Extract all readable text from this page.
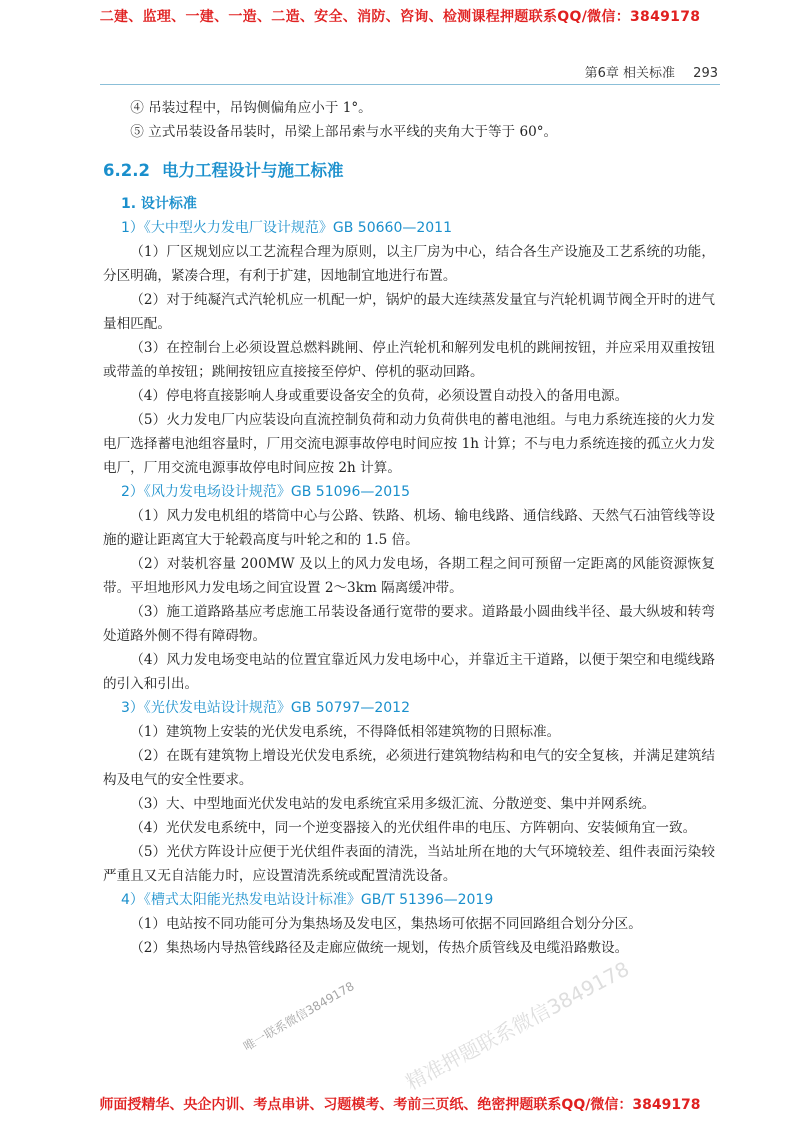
二建、监理、一建、一造、二造、安全、消防、咨询、检测课程押题联系QQ/微信：3849178
第6章 相关标准 293

④ 吊装过程中，吊钩侧偏角应小于 1°。

⑤ 立式吊装设备吊装时，吊梁上部吊索与水平线的夹角大于等于 60°。

6.2.2 电力工程设计与施工标准
1. 设计标准
1）《大中型火力发电厂设计规范》GB 50660—2011

（1）厂区规划应以工艺流程合理为原则，以主厂房为中心，结合各生产设施及工艺系统的功能，分区明确，紧凑合理，有利于扩建，因地制宜地进行布置。

（2）对于纯凝汽式汽轮机应一机配一炉，锅炉的最大连续蒸发量宜与汽轮机调节阀全开时的进气量相匹配。

（3）在控制台上必须设置总燃料跳闸、停止汽轮机和解列发电机的跳闸按钮，并应采用双重按钮或带盖的单按钮；跳闸按钮应直接接至停炉、停机的驱动回路。

（4）停电将直接影响人身或重要设备安全的负荷，必须设置自动投入的备用电源。

（5）火力发电厂内应装设向直流控制负荷和动力负荷供电的蓄电池组。与电力系统连接的火力发电厂选择蓄电池组容量时，厂用交流电源事故停电时间应按 1h 计算；不与电力系统连接的孤立火力发电厂，厂用交流电源事故停电时间应按 2h 计算。

2）《风力发电场设计规范》GB 51096—2015

（1）风力发电机组的塔筒中心与公路、铁路、机场、输电线路、通信线路、天然气石油管线等设施的避让距离宜大于轮毂高度与叶轮之和的 1.5 倍。

（2）对装机容量 200MW 及以上的风力发电场，各期工程之间可预留一定距离的风能资源恢复带。平坦地形风力发电场之间宜设置 2～3km 隔离缓冲带。

（3）施工道路路基应考虑施工吊装设备通行宽带的要求。道路最小圆曲线半径、最大纵坡和转弯处道路外侧不得有障碍物。

（4）风力发电场变电站的位置宜靠近风力发电场中心，并靠近主干道路，以便于架空和电缆线路的引入和引出。

3）《光伏发电站设计规范》GB 50797—2012

（1）建筑物上安装的光伏发电系统，不得降低相邻建筑物的日照标准。

（2）在既有建筑物上增设光伏发电系统，必须进行建筑物结构和电气的安全复核，并满足建筑结构及电气的安全性要求。

（3）大、中型地面光伏发电站的发电系统宜采用多级汇流、分散逆变、集中并网系统。

（4）光伏发电系统中，同一个逆变器接入的光伏组件串的电压、方阵朝向、安装倾角宜一致。

（5）光伏方阵设计应便于光伏组件表面的清洗，当站址所在地的大气环境较差、组件表面污染较严重且又无自洁能力时，应设置清洗系统或配置清洗设备。

4）《槽式太阳能光热发电站设计标准》GB/T 51396—2019

（1）电站按不同功能可分为集热场及发电区，集热场可依据不同回路组合划分分区。

（2）集热场内导热管线路径及走廊应做统一规划，传热介质管线及电缆沿路敷设。

唯一联系微信3849178 精准押题联系微信3849178
师面授精华、央企内训、考点串讲、习题模考、考前三页纸、绝密押题联系QQ/微信：3849178
